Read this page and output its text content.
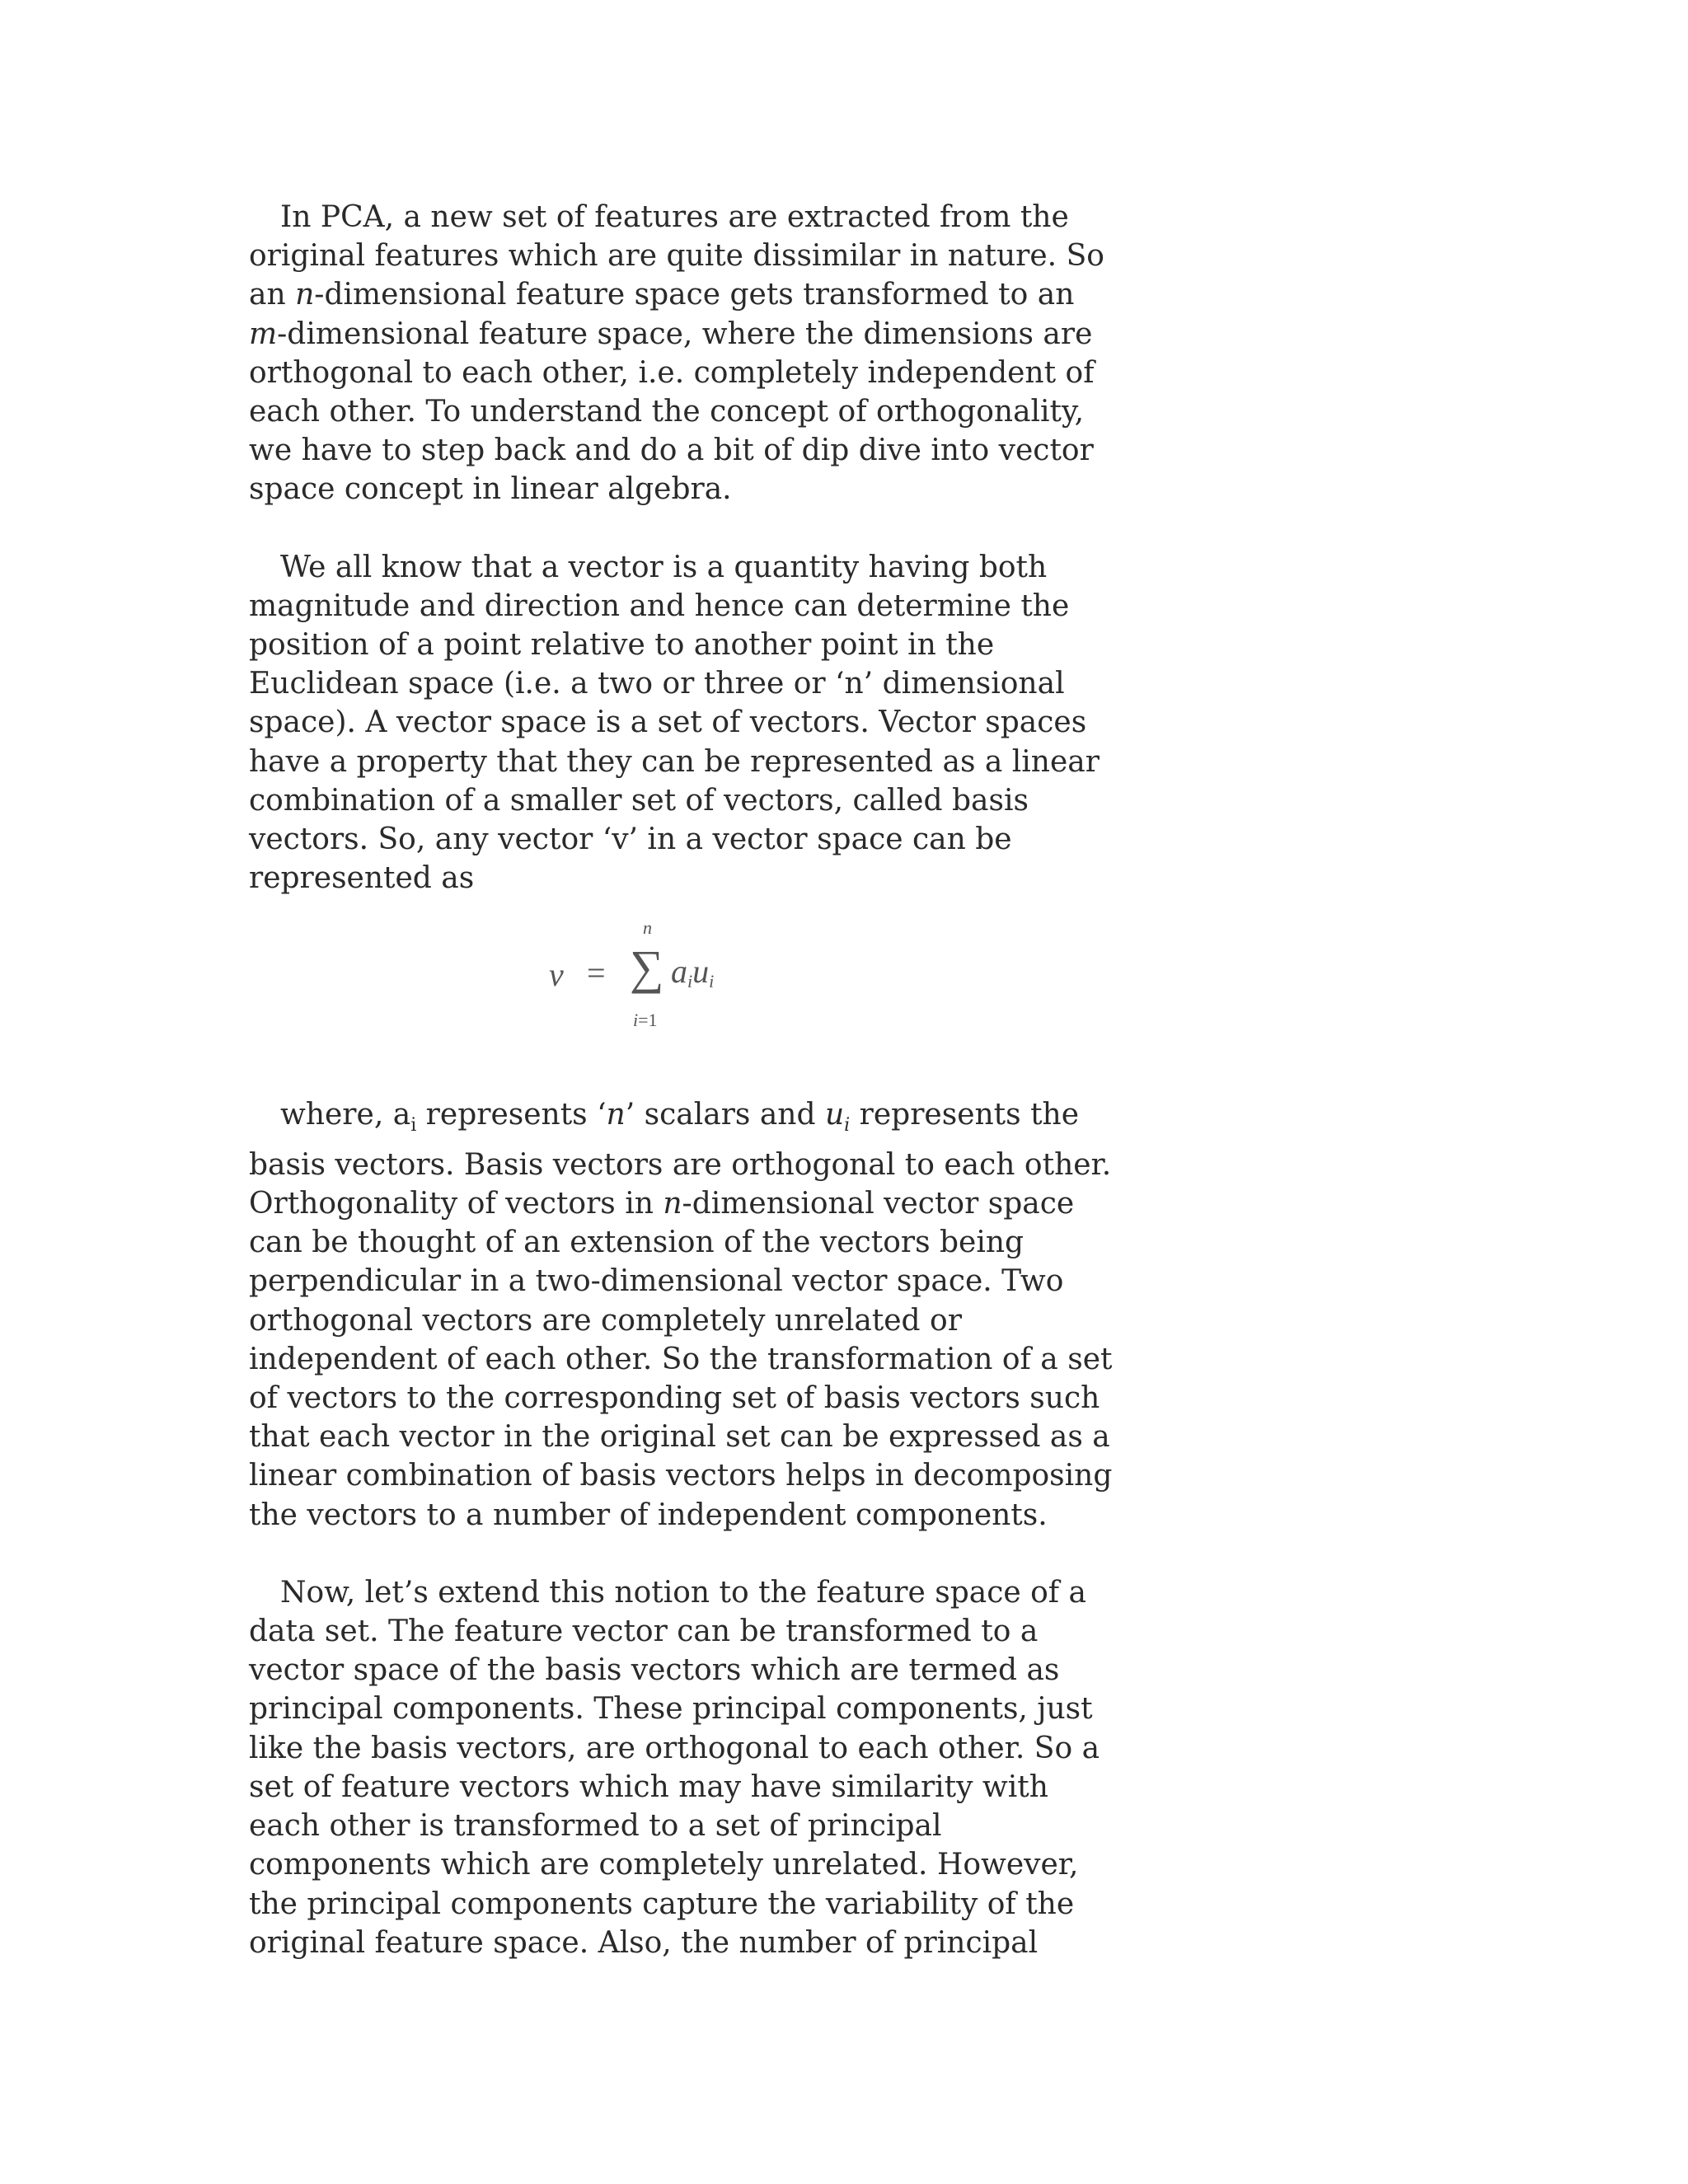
In PCA, a new set of features are extracted from the
original features which are quite dissimilar in nature. So
an n-dimensional feature space gets transformed to an
m-dimensional feature space, where the dimensions are
orthogonal to each other, i.e. completely independent of
each other. To understand the concept of orthogonality,
we have to step back and do a bit of dip dive into vector
space concept in linear algebra.

We all know that a vector is a quantity having both
magnitude and direction and hence can determine the
position of a point relative to another point in the
Euclidean space (i.e. a two or three or ‘n’ dimensional
space). A vector space is a set of vectors. Vector spaces
have a property that they can be represented as a linear
combination of a smaller set of vectors, called basis
vectors. So, any vector ‘v’ in a vector space can be
represented as

v =
n
∑
i=1
$a_iu_i$

where, $a_i$ represents ‘n’ scalars and $u_i$ represents the
basis vectors. Basis vectors are orthogonal to each other.
Orthogonality of vectors in n-dimensional vector space
can be thought of an extension of the vectors being
perpendicular in a two-dimensional vector space. Two
orthogonal vectors are completely unrelated or
independent of each other. So the transformation of a set
of vectors to the corresponding set of basis vectors such
that each vector in the original set can be expressed as a
linear combination of basis vectors helps in decomposing
the vectors to a number of independent components.

Now, let’s extend this notion to the feature space of a
data set. The feature vector can be transformed to a
vector space of the basis vectors which are termed as
principal components. These principal components, just
like the basis vectors, are orthogonal to each other. So a
set of feature vectors which may have similarity with
each other is transformed to a set of principal
components which are completely unrelated. However,
the principal components capture the variability of the
original feature space. Also, the number of principal
